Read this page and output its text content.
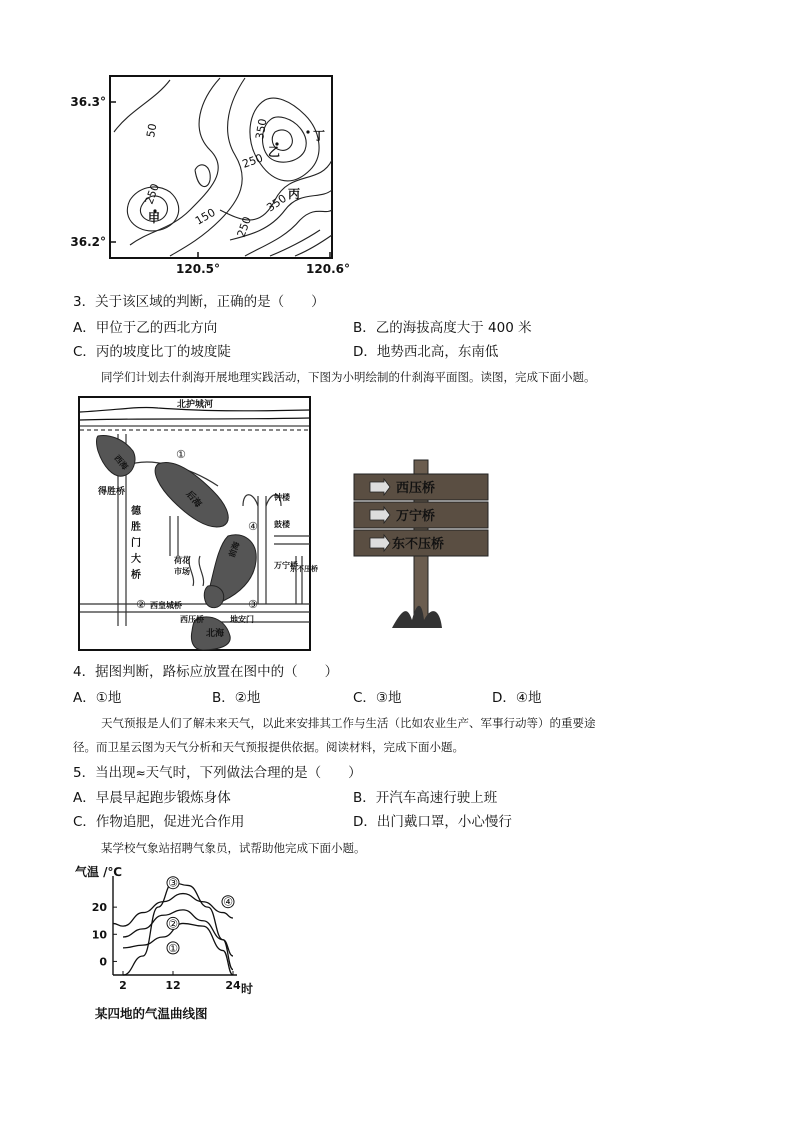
36.3°
36.2°
120.5°	120.6°
50
250
350
250
150
350
250
甲
乙
丙
丁
3．关于该区域的判断，正确的是（　　）
A．甲位于乙的西北方向	B．乙的海拔高度大于 400 米
C．丙的坡度比丁的坡度陡	D．地势西北高，东南低
同学们计划去什刹海开展地理实践活动，下图为小明绘制的什刹海平面图。读图，完成下面小题。
北护城河
西海
得胜桥
德
胜
门
大
桥
后海	钟楼
鼓楼
荷花
市场
前海
万宁桥
东不压桥
西皇城桥
西压桥	地安门
北海
①
②	③
④
西压桥
万宁桥
东不压桥
4．据图判断，路标应放置在图中的（　　）
A．①地	B．②地	C．③地	D．④地
天气预报是人们了解未来天气，以此来安排其工作与生活（比如农业生产、军事行动等）的重要途
径。而卫星云图为天气分析和天气预报提供依据。阅读材料，完成下面小题。
5．当出现≈天气时，下列做法合理的是（　　）
A．早晨早起跑步锻炼身体	B．开汽车高速行驶上班
C．作物追肥，促进光合作用	D．出门戴口罩，小心慢行
某学校气象站招聘气象员，试帮助他完成下面小题。
气温 /℃
时
0
10
20
2	12	24
①
②
③
④
某四地的气温曲线图
